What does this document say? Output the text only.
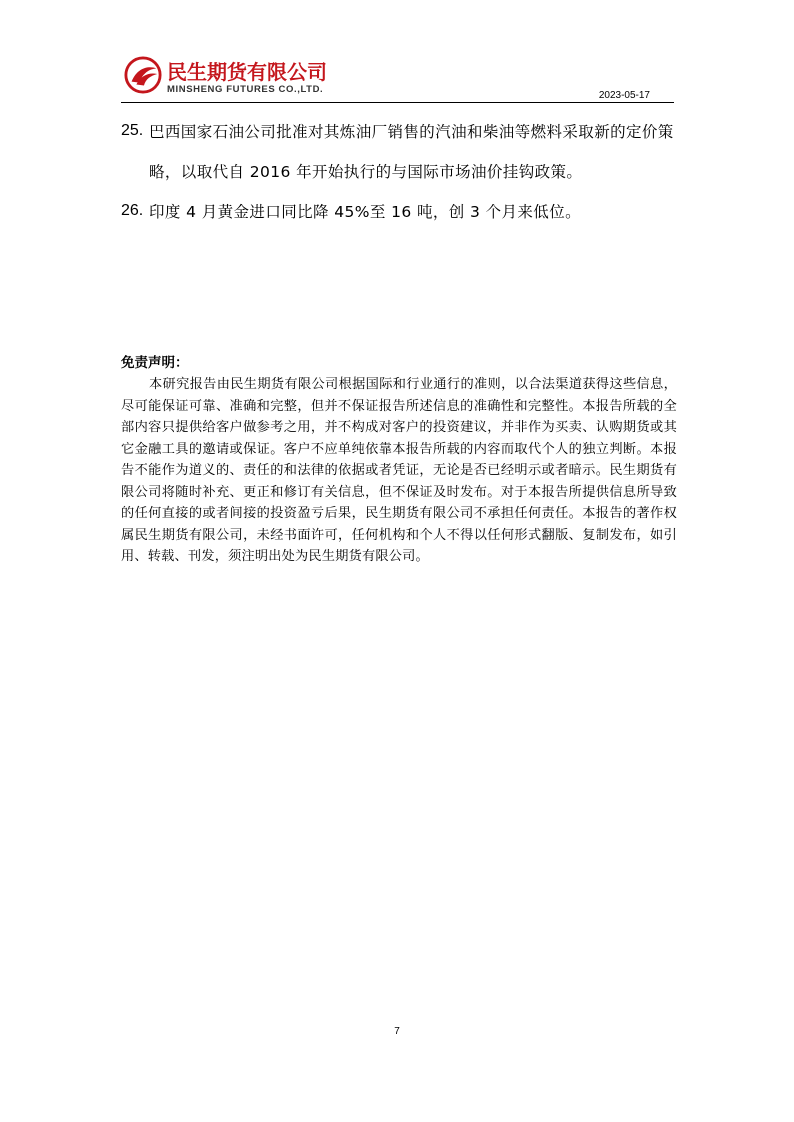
民生期货有限公司
MINSHENG FUTURES CO.,LTD.
2023-05-17
25. 巴西国家石油公司批准对其炼油厂销售的汽油和柴油等燃料采取新的定价策略，以取代自 2016 年开始执行的与国际市场油价挂钩政策。
26. 印度 4 月黄金进口同比降 45%至 16 吨，创 3 个月来低位。
免责声明：
本研究报告由民生期货有限公司根据国际和行业通行的准则，以合法渠道获得这些信息，尽可能保证可靠、准确和完整，但并不保证报告所述信息的准确性和完整性。本报告所载的全部内容只提供给客户做参考之用，并不构成对客户的投资建议，并非作为买卖、认购期货或其它金融工具的邀请或保证。客户不应单纯依靠本报告所载的内容而取代个人的独立判断。本报告不能作为道义的、责任的和法律的依据或者凭证，无论是否已经明示或者暗示。民生期货有限公司将随时补充、更正和修订有关信息，但不保证及时发布。对于本报告所提供信息所导致的任何直接的或者间接的投资盈亏后果，民生期货有限公司不承担任何责任。本报告的著作权属民生期货有限公司，未经书面许可，任何机构和个人不得以任何形式翻版、复制发布，如引用、转载、刊发，须注明出处为民生期货有限公司。
7
